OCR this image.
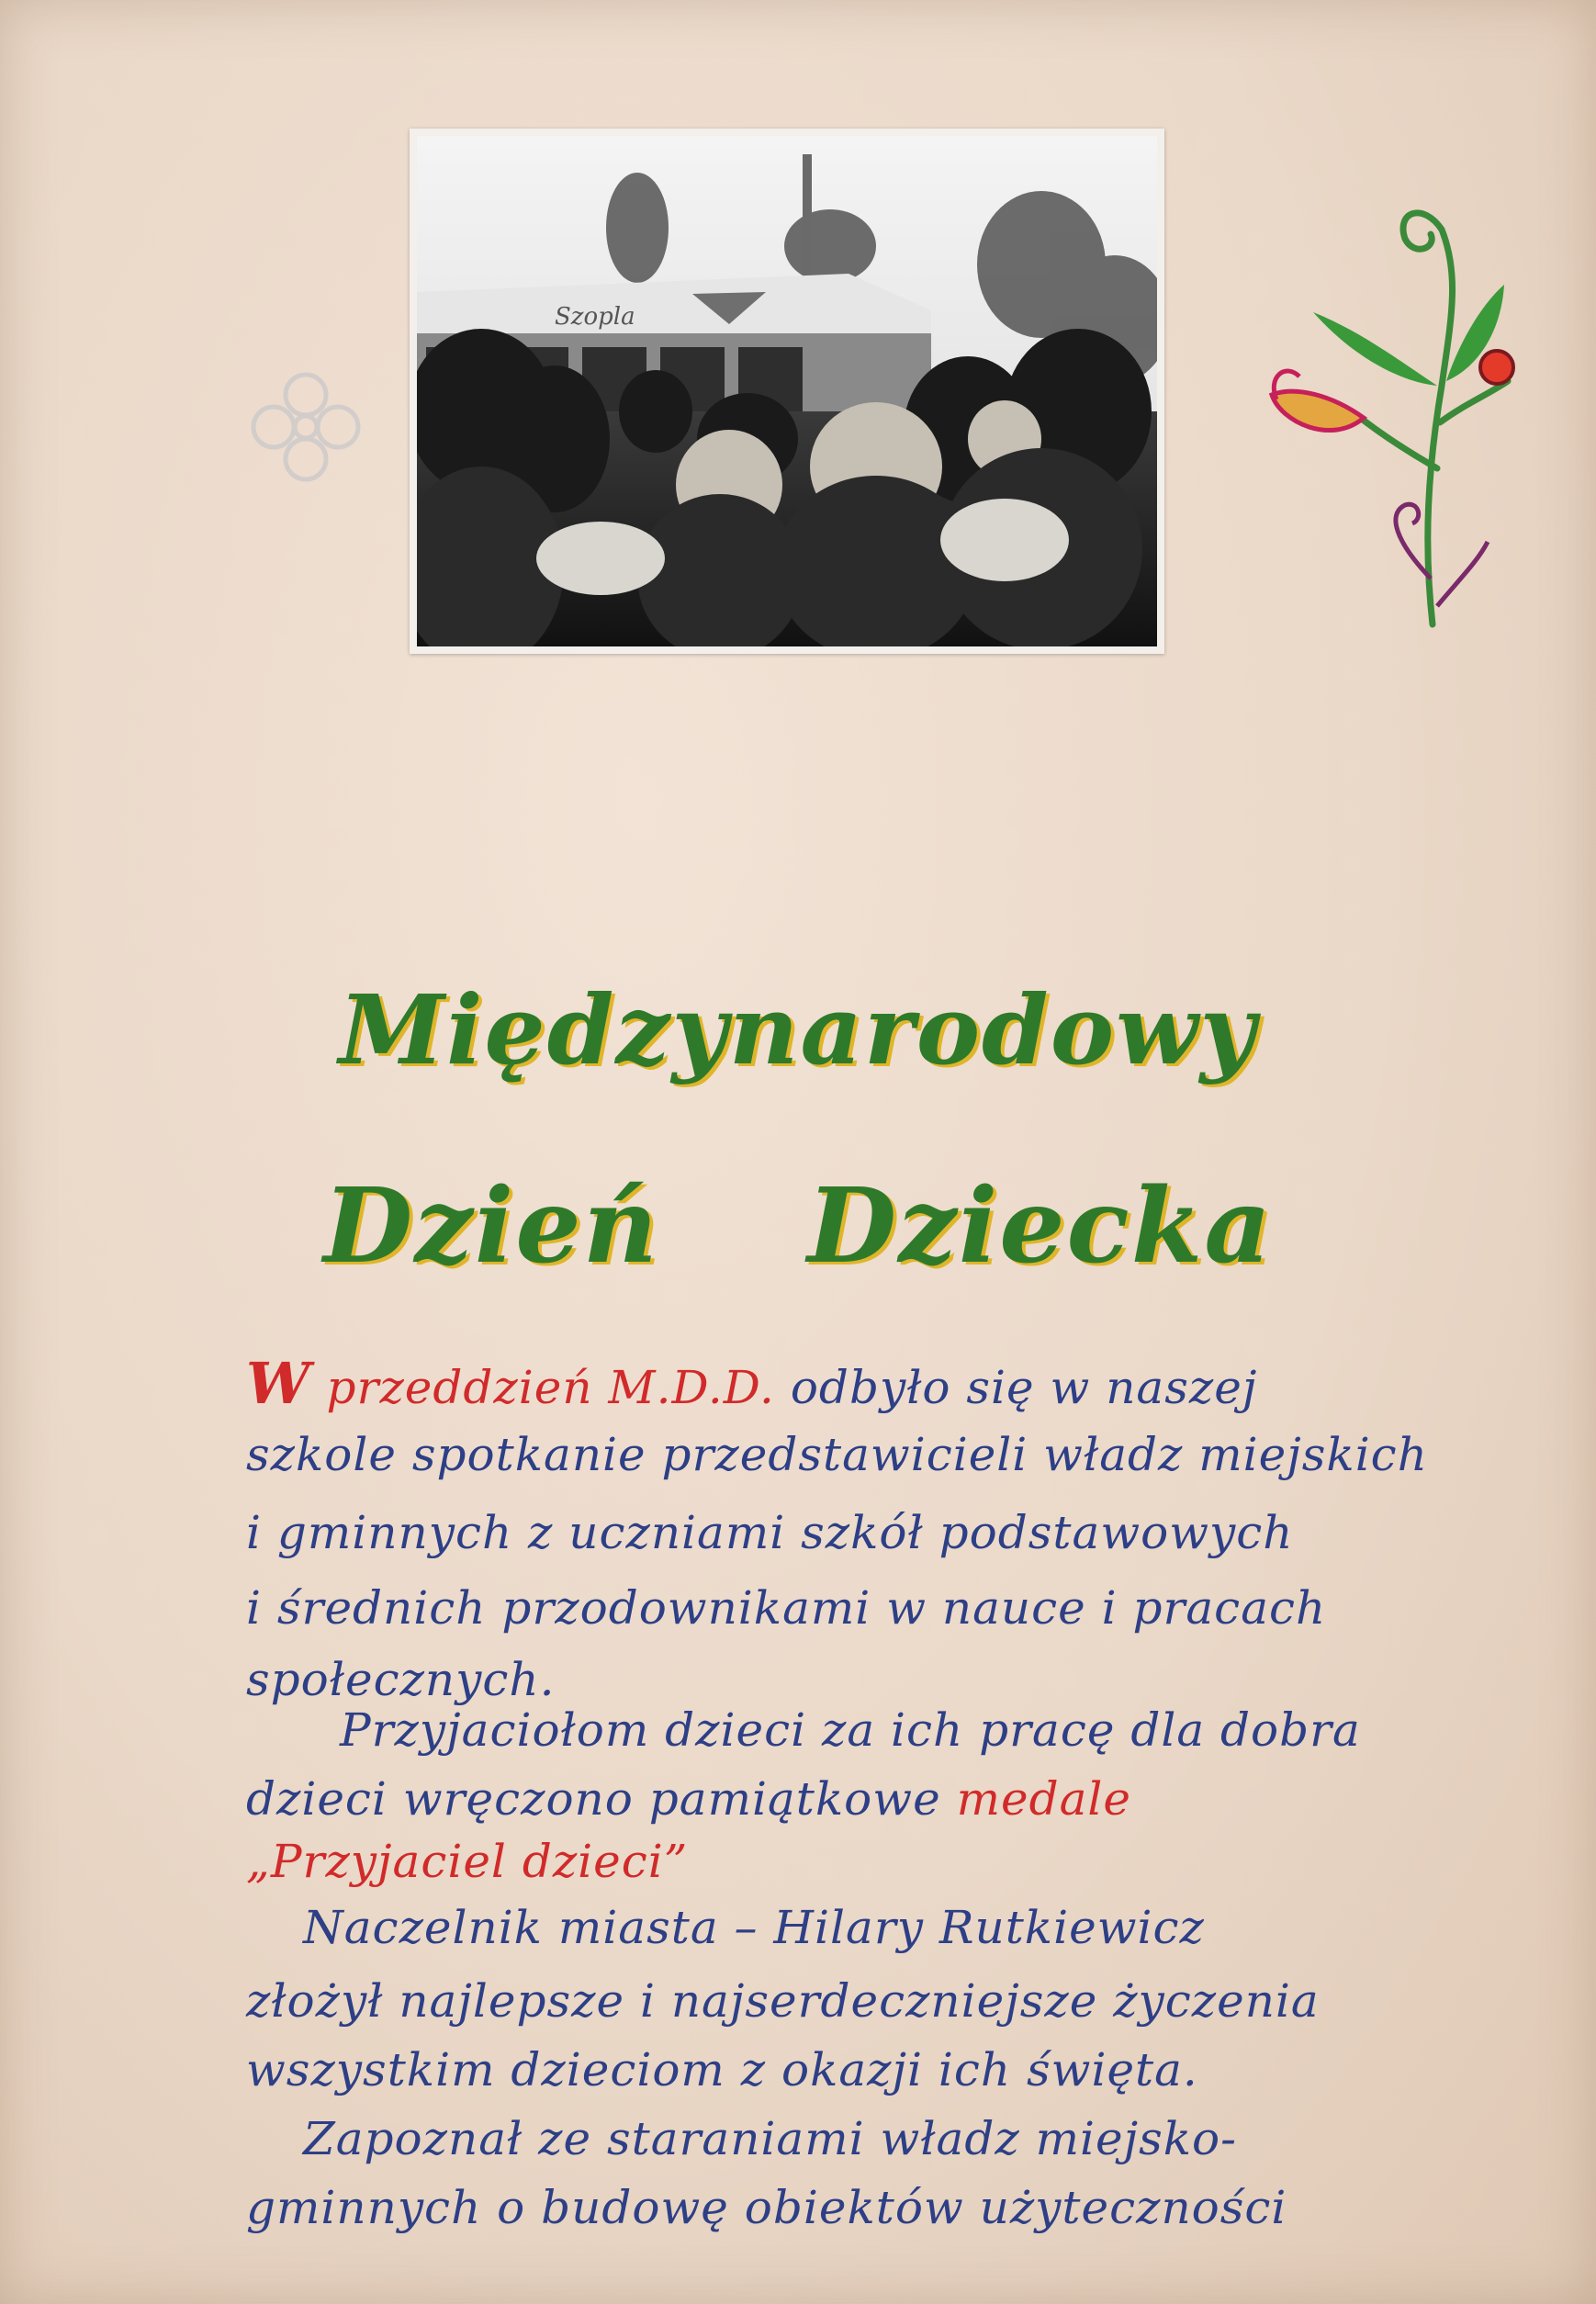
Szopla
Międzynarodowy
Dzień Dziecka
W przeddzień M.D.D. odbyło się w naszej
szkole spotkanie przedstawicieli władz miejskich
i gminnych z uczniami szkół podstawowych
i średnich przodownikami w nauce i pracach
społecznych.
Przyjaciołom dzieci za ich pracę dla dobra
dzieci wręczono pamiątkowe medale
„Przyjaciel dzieci”
Naczelnik miasta – Hilary Rutkiewicz
złożył najlepsze i najserdeczniejsze życzenia
wszystkim dzieciom z okazji ich święta.
Zapoznał ze staraniami władz miejsko-
gminnych o budowę obiektów użyteczności
